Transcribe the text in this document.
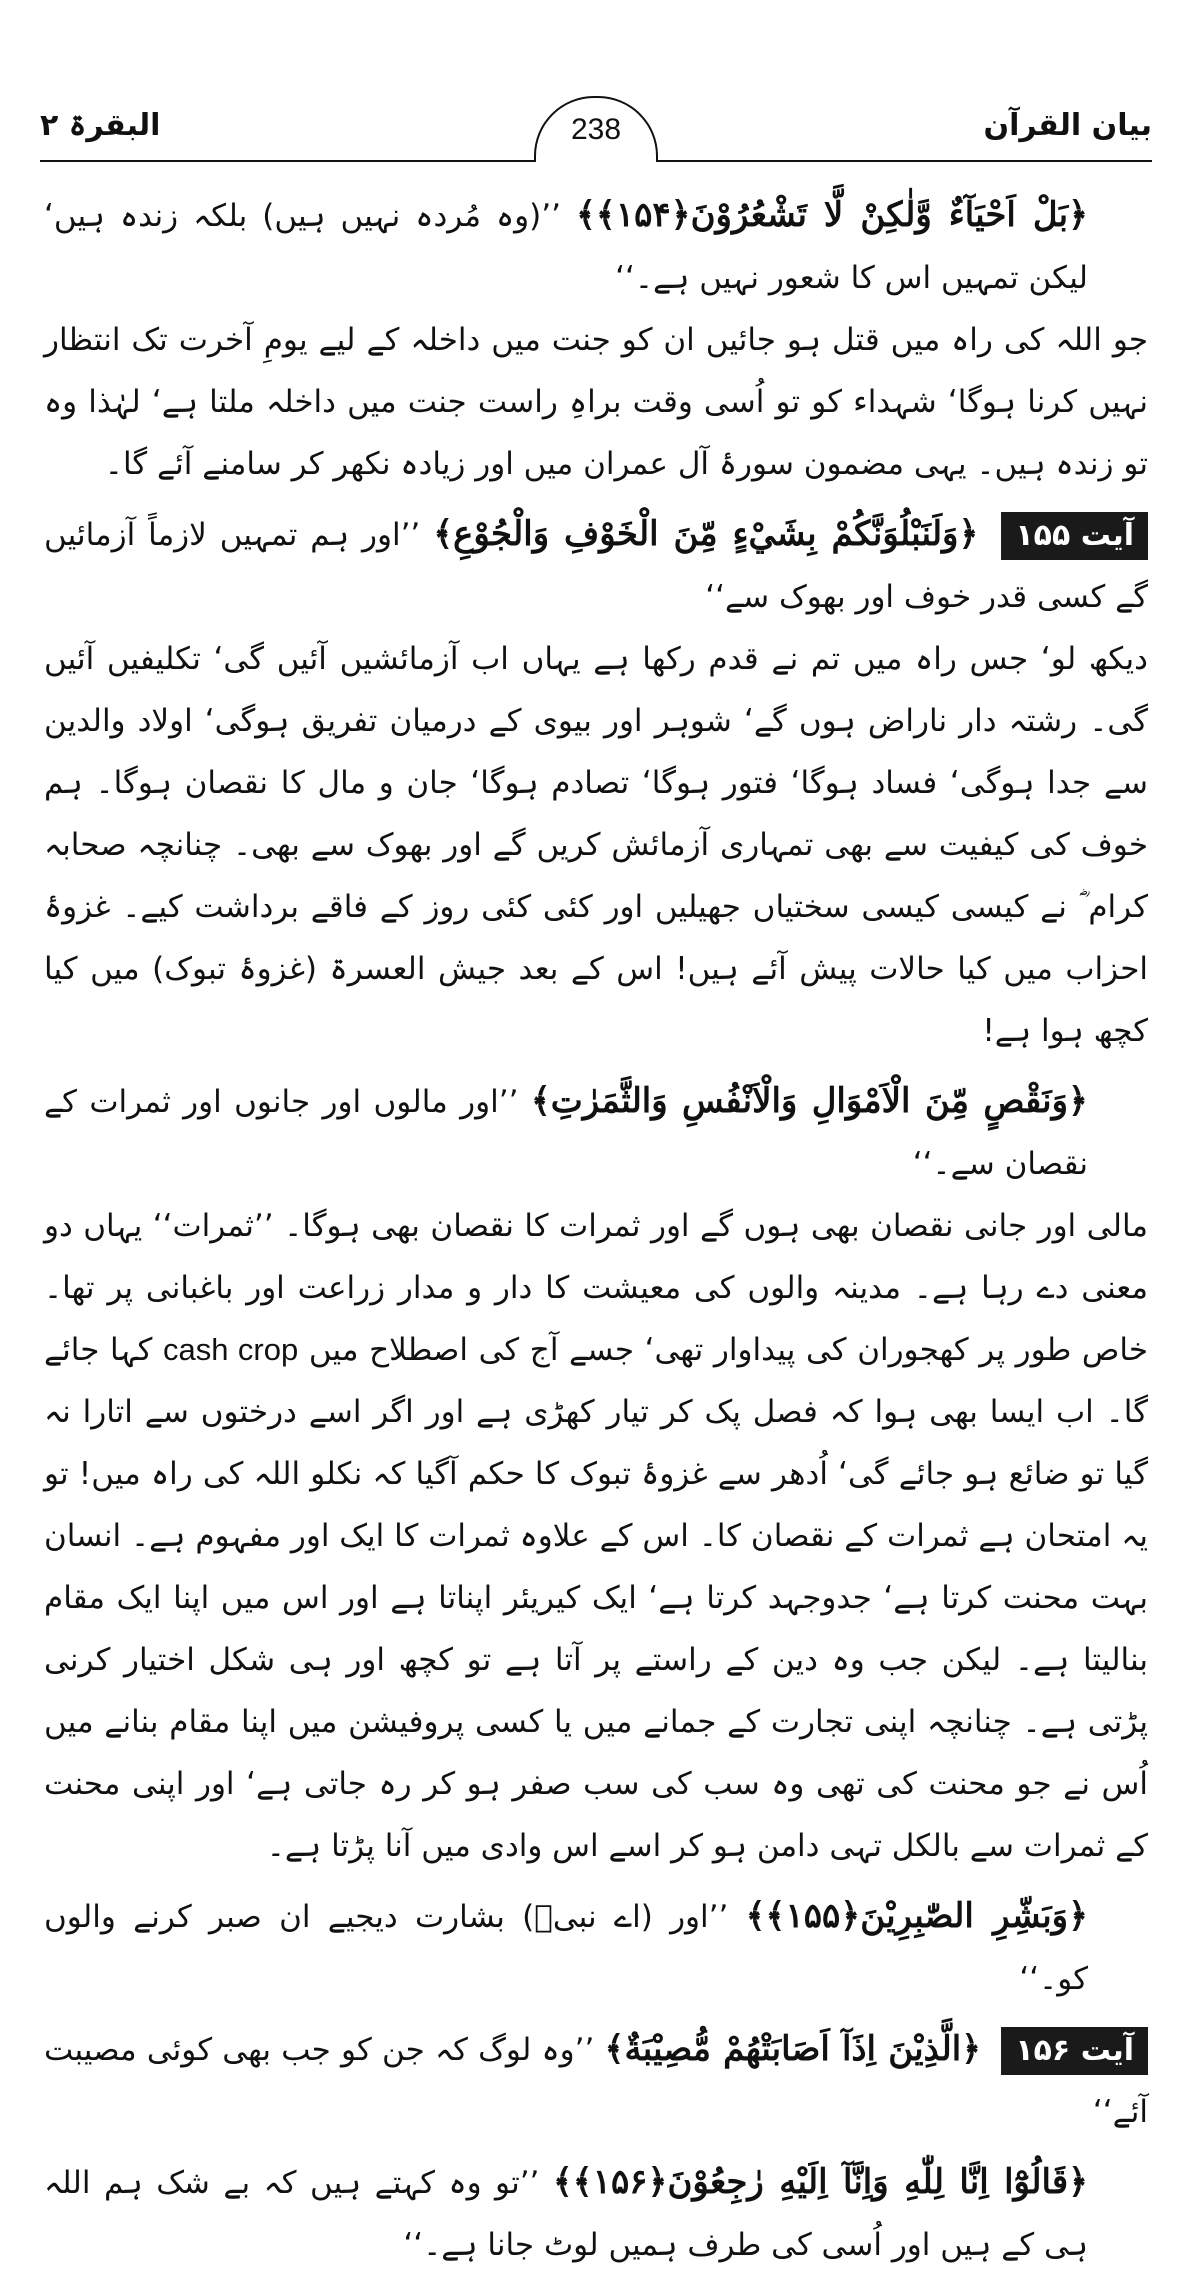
بیان القرآن
238
البقرۃ ۲

﴿بَلْ اَحْيَآءٌ وَّلٰكِنْ لَّا تَشْعُرُوْنَ﴿۱۵۴﴾﴾ ’’(وہ مُردہ نہیں ہیں) بلکہ زندہ ہیں‘ لیکن تمہیں اس کا شعور نہیں ہے۔‘‘

جو اللہ کی راہ میں قتل ہو جائیں ان کو جنت میں داخلہ کے لیے یومِ آخرت تک انتظار نہیں کرنا ہوگا‘ شہداء کو تو اُسی وقت براہِ راست جنت میں داخلہ ملتا ہے‘ لہٰذا وہ تو زندہ ہیں۔ یہی مضمون سورۂ آل عمران میں اور زیادہ نکھر کر سامنے آئے گا۔

آیت ۱۵۵ ﴿وَلَنَبْلُوَنَّكُمْ بِشَيْءٍ مِّنَ الْخَوْفِ وَالْجُوْعِ﴾ ’’اور ہم تمہیں لازماً آزمائیں گے کسی قدر خوف اور بھوک سے‘‘

دیکھ لو‘ جس راہ میں تم نے قدم رکھا ہے یہاں اب آزمائشیں آئیں گی‘ تکلیفیں آئیں گی۔ رشتہ دار ناراض ہوں گے‘ شوہر اور بیوی کے درمیان تفریق ہوگی‘ اولاد والدین سے جدا ہوگی‘ فساد ہوگا‘ فتور ہوگا‘ تصادم ہوگا‘ جان و مال کا نقصان ہوگا۔ ہم خوف کی کیفیت سے بھی تمہاری آزمائش کریں گے اور بھوک سے بھی۔ چنانچہ صحابہ کرام ؓ نے کیسی کیسی سختیاں جھیلیں اور کئی کئی روز کے فاقے برداشت کیے۔ غزوۂ احزاب میں کیا حالات پیش آئے ہیں! اس کے بعد جیش العسرۃ (غزوۂ تبوک) میں کیا کچھ ہوا ہے!

﴿وَنَقْصٍ مِّنَ الْاَمْوَالِ وَالْاَنْفُسِ وَالثَّمَرٰتِ﴾ ’’اور مالوں اور جانوں اور ثمرات کے نقصان سے۔‘‘

مالی اور جانی نقصان بھی ہوں گے اور ثمرات کا نقصان بھی ہوگا۔ ’’ثمرات‘‘ یہاں دو معنی دے رہا ہے۔ مدینہ والوں کی معیشت کا دار و مدار زراعت اور باغبانی پر تھا۔ خاص طور پر کھجوران کی پیداوار تھی‘ جسے آج کی اصطلاح میں cash crop کہا جائے گا۔ اب ایسا بھی ہوا کہ فصل پک کر تیار کھڑی ہے اور اگر اسے درختوں سے اتارا نہ گیا تو ضائع ہو جائے گی‘ اُدھر سے غزوۂ تبوک کا حکم آگیا کہ نکلو اللہ کی راہ میں! تو یہ امتحان ہے ثمرات کے نقصان کا۔ اس کے علاوہ ثمرات کا ایک اور مفہوم ہے۔ انسان بہت محنت کرتا ہے‘ جدوجہد کرتا ہے‘ ایک کیریئر اپناتا ہے اور اس میں اپنا ایک مقام بنالیتا ہے۔ لیکن جب وہ دین کے راستے پر آتا ہے تو کچھ اور ہی شکل اختیار کرنی پڑتی ہے۔ چنانچہ اپنی تجارت کے جمانے میں یا کسی پروفیشن میں اپنا مقام بنانے میں اُس نے جو محنت کی تھی وہ سب کی سب صفر ہو کر رہ جاتی ہے‘ اور اپنی محنت کے ثمرات سے بالکل تہی دامن ہو کر اسے اس وادی میں آنا پڑتا ہے۔

﴿وَبَشِّرِ الصّٰبِرِيْنَ﴿۱۵۵﴾﴾ ’’اور (اے نبیؐ) بشارت دیجیے ان صبر کرنے والوں کو۔‘‘

آیت ۱۵۶ ﴿الَّذِيْنَ اِذَآ اَصَابَتْهُمْ مُّصِيْبَةٌ﴾ ’’وہ لوگ کہ جن کو جب بھی کوئی مصیبت آئے‘‘

﴿قَالُوْٓا اِنَّا لِلّٰهِ وَاِنَّآ اِلَيْهِ رٰجِعُوْنَ﴿۱۵۶﴾﴾ ’’تو وہ کہتے ہیں کہ بے شک ہم اللہ ہی کے ہیں اور اُسی کی طرف ہمیں لوٹ جانا ہے۔‘‘
